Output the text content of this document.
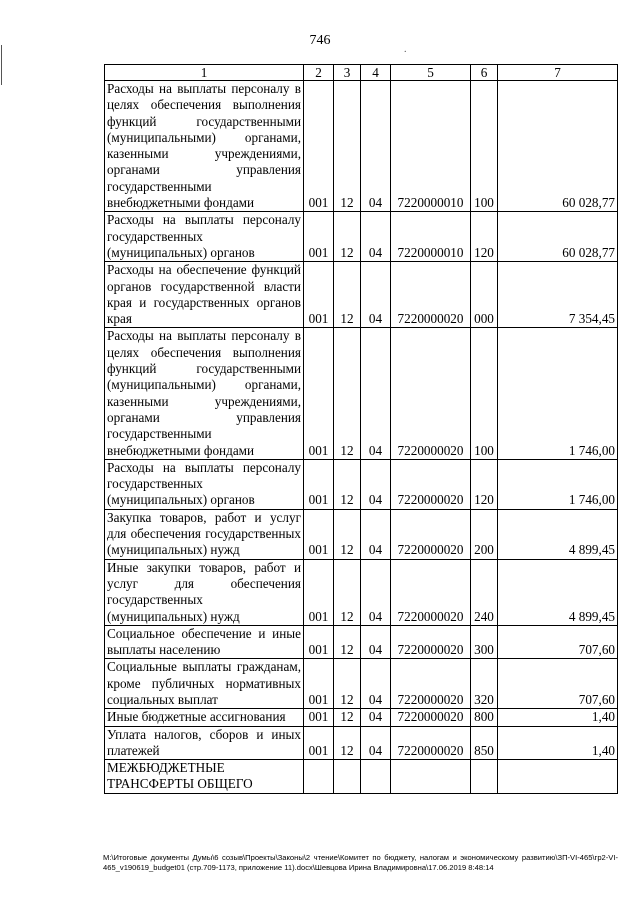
746
.
1	2	3	4	5	6	7
Расходы на выплаты персоналу в целях обеспечения выполнения функций государственными (муниципальными) органами, казенными учреждениями, органами управления государственными внебюджетными фондами	001	12	04	7220000010	100	60 028,77
Расходы на выплаты персоналу государственных (муниципальных) органов	001	12	04	7220000010	120	60 028,77
Расходы на обеспечение функций органов государственной власти края и государственных органов края	001	12	04	7220000020	000	7 354,45
Расходы на выплаты персоналу в целях обеспечения выполнения функций государственными (муниципальными) органами, казенными учреждениями, органами управления государственными внебюджетными фондами	001	12	04	7220000020	100	1 746,00
Расходы на выплаты персоналу государственных (муниципальных) органов	001	12	04	7220000020	120	1 746,00
Закупка товаров, работ и услуг для обеспечения государственных (муниципальных) нужд	001	12	04	7220000020	200	4 899,45
Иные закупки товаров, работ и услуг для обеспечения государственных (муниципальных) нужд	001	12	04	7220000020	240	4 899,45
Социальное обеспечение и иные выплаты населению	001	12	04	7220000020	300	707,60
Социальные выплаты гражданам, кроме публичных нормативных социальных выплат	001	12	04	7220000020	320	707,60
Иные бюджетные ассигнования	001	12	04	7220000020	800	1,40
Уплата налогов, сборов и иных платежей	001	12	04	7220000020	850	1,40
МЕЖБЮДЖЕТНЫЕ ТРАНСФЕРТЫ ОБЩЕГО						
M:\Итоговые документы Думы\6 созыв\Проекты\Законы\2 чтение\Комитет по бюджету, налогам и экономическому развитию\ЗП-VI-465\гр2-VI-465_v190619_budget01 (стр.709-1173, приложение 11).docx\Шевцова Ирина Владимировна\17.06.2019 8:48:14
